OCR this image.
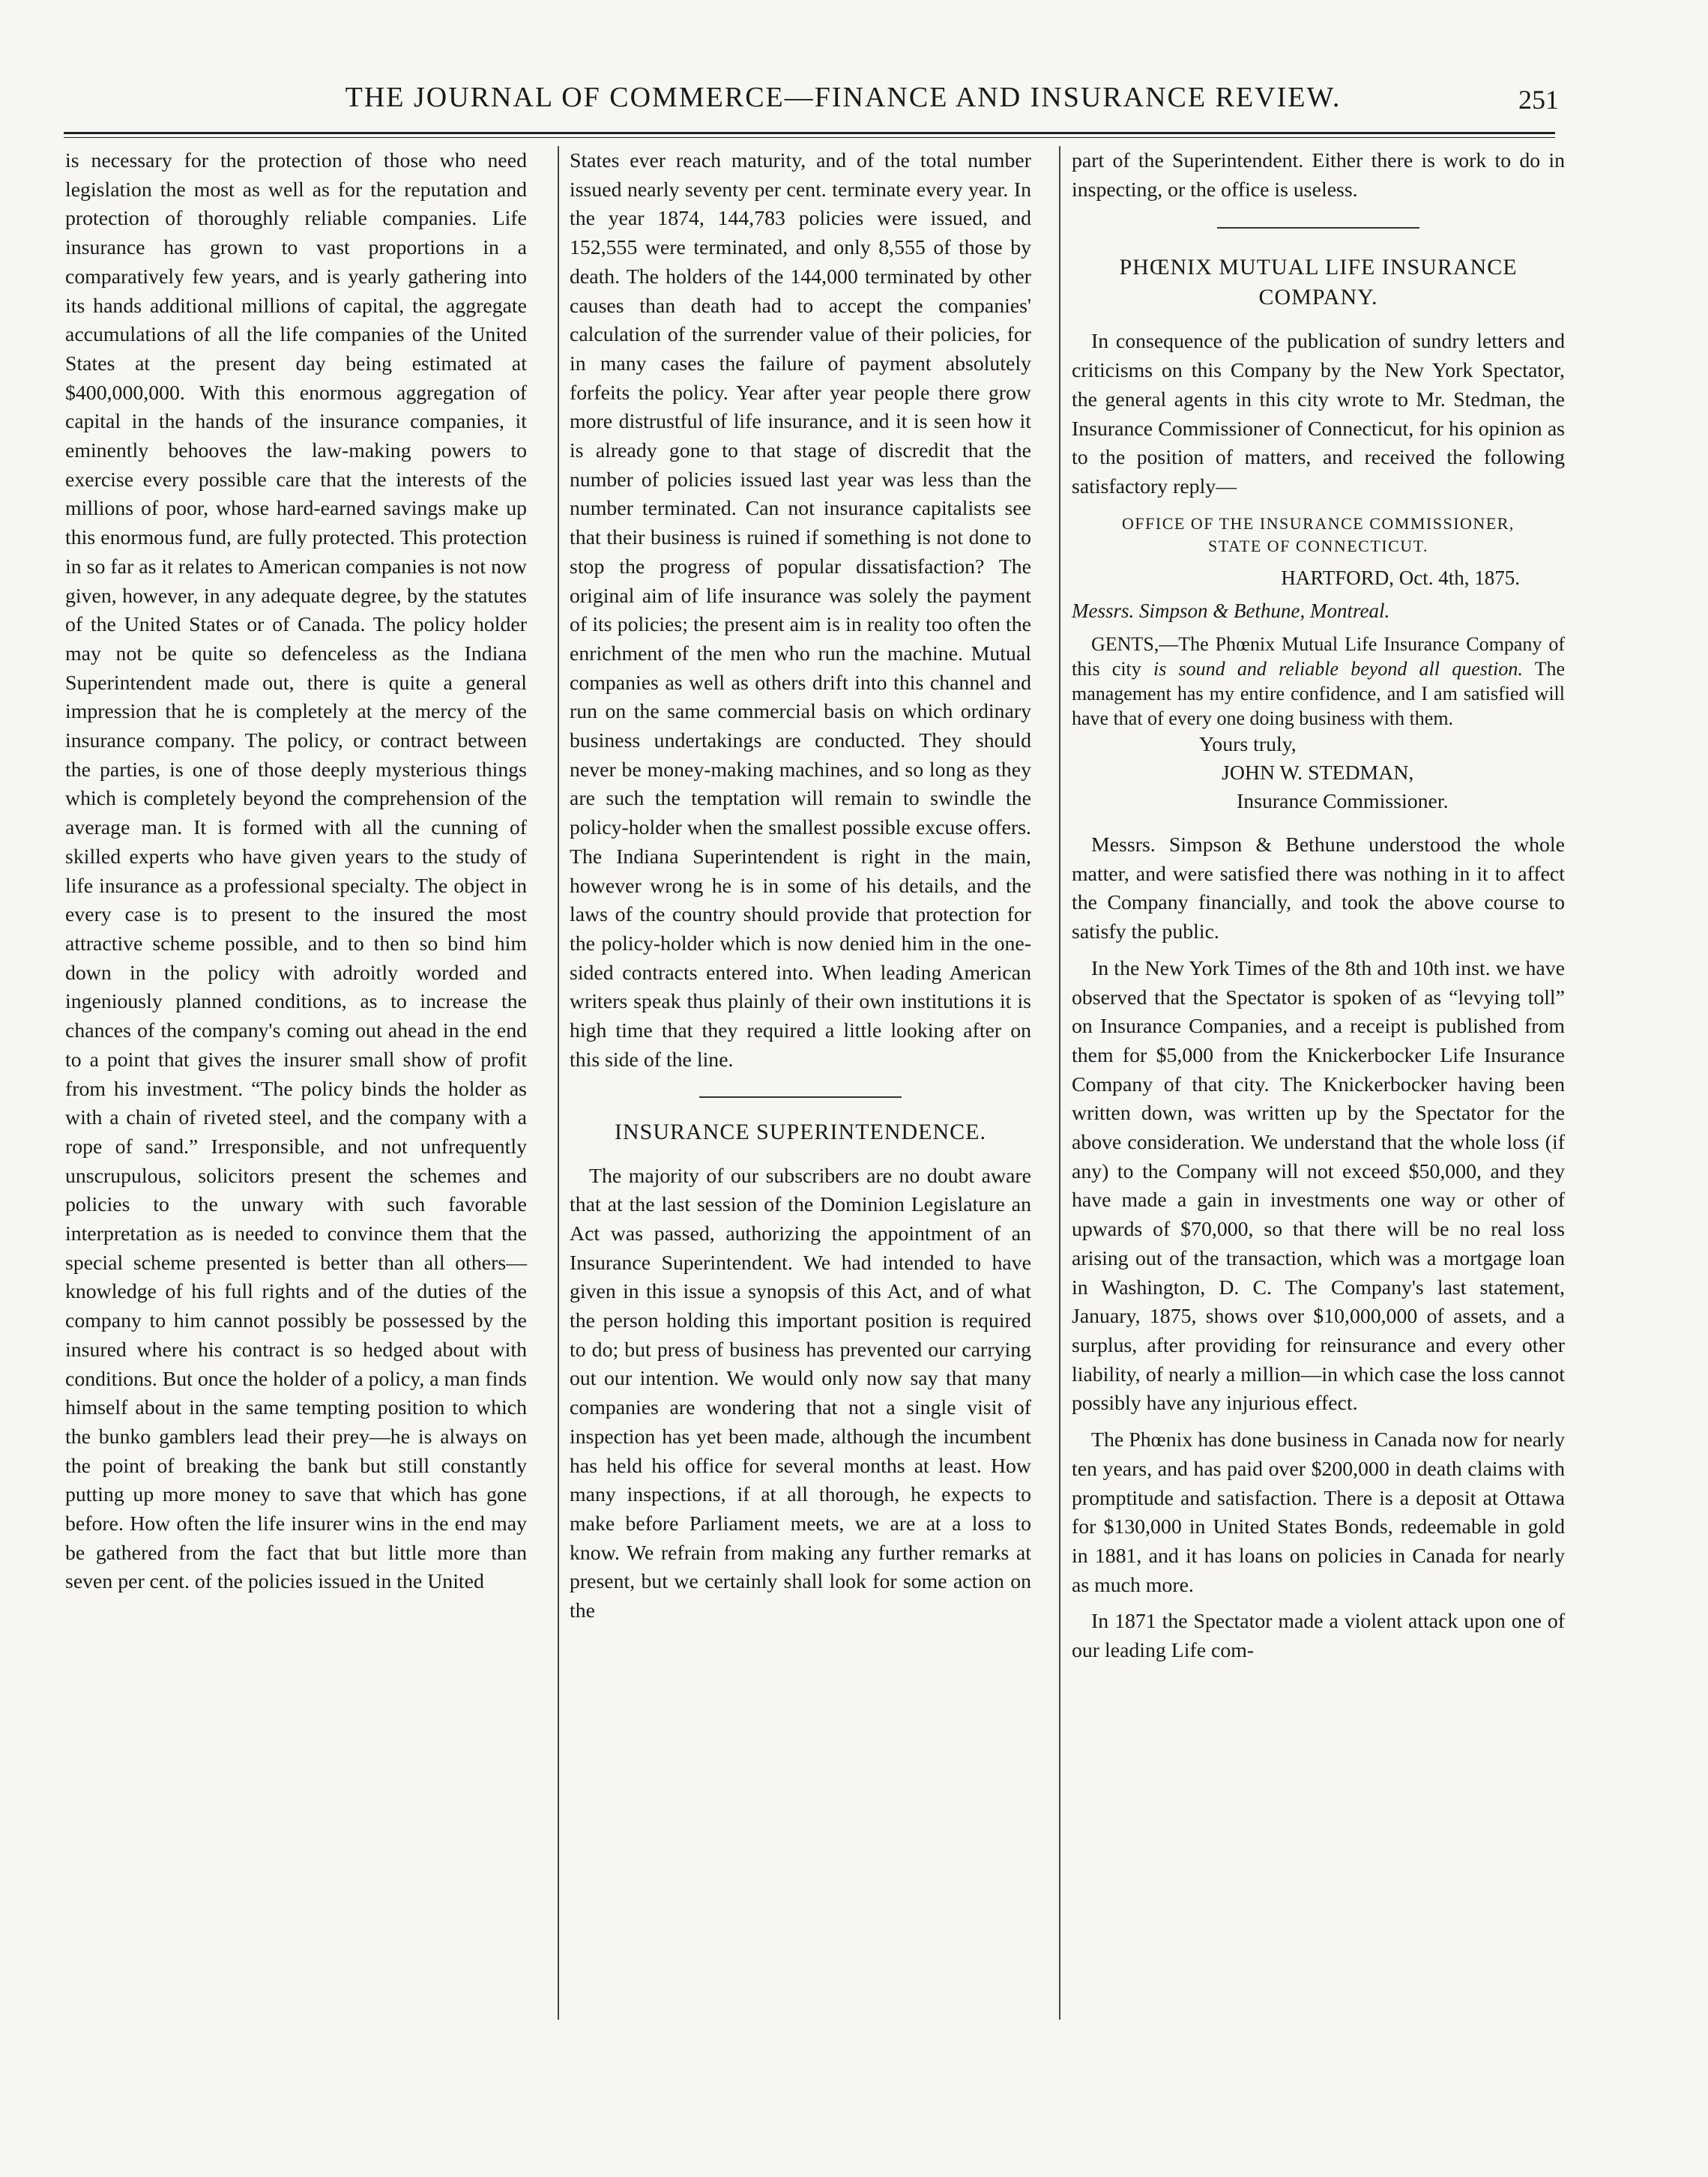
THE JOURNAL OF COMMERCE—FINANCE AND INSURANCE REVIEW.	251

is necessary for the protection of those who need legislation the most as well as for the reputation and protection of thoroughly reliable companies. Life insurance has grown to vast proportions in a comparatively few years, and is yearly gathering into its hands additional millions of capital, the aggregate accumulations of all the life companies of the United States at the present day being estimated at $400,000,000. With this enormous aggregation of capital in the hands of the insurance companies, it eminently behooves the law-making powers to exercise every possible care that the interests of the millions of poor, whose hard-earned savings make up this enormous fund, are fully protected. This protection in so far as it relates to American companies is not now given, however, in any adequate degree, by the statutes of the United States or of Canada. The policy holder may not be quite so defenceless as the Indiana Superintendent made out, there is quite a general impression that he is completely at the mercy of the insurance company. The policy, or contract between the parties, is one of those deeply mysterious things which is completely beyond the comprehension of the average man. It is formed with all the cunning of skilled experts who have given years to the study of life insurance as a professional specialty. The object in every case is to present to the insured the most attractive scheme possible, and to then so bind him down in the policy with adroitly worded and ingeniously planned conditions, as to increase the chances of the company's coming out ahead in the end to a point that gives the insurer small show of profit from his investment. “The policy binds the holder as with a chain of riveted steel, and the company with a rope of sand.” Irresponsible, and not unfrequently unscrupulous, solicitors present the schemes and policies to the unwary with such favorable interpretation as is needed to convince them that the special scheme presented is better than all others—knowledge of his full rights and of the duties of the company to him cannot possibly be possessed by the insured where his contract is so hedged about with conditions. But once the holder of a policy, a man finds himself about in the same tempting position to which the bunko gamblers lead their prey—he is always on the point of breaking the bank but still constantly putting up more money to save that which has gone before. How often the life insurer wins in the end may be gathered from the fact that but little more than seven per cent. of the policies issued in the United

States ever reach maturity, and of the total number issued nearly seventy per cent. terminate every year. In the year 1874, 144,783 policies were issued, and 152,555 were terminated, and only 8,555 of those by death. The holders of the 144,000 terminated by other causes than death had to accept the companies' calculation of the surrender value of their policies, for in many cases the failure of payment absolutely forfeits the policy. Year after year people there grow more distrustful of life insurance, and it is seen how it is already gone to that stage of discredit that the number of policies issued last year was less than the number terminated. Can not insurance capitalists see that their business is ruined if something is not done to stop the progress of popular dissatisfaction? The original aim of life insurance was solely the payment of its policies; the present aim is in reality too often the enrichment of the men who run the machine. Mutual companies as well as others drift into this channel and run on the same commercial basis on which ordinary business undertakings are conducted. They should never be money-making machines, and so long as they are such the temptation will remain to swindle the policy-holder when the smallest possible excuse offers. The Indiana Superintendent is right in the main, however wrong he is in some of his details, and the laws of the country should provide that protection for the policy-holder which is now denied him in the one-sided contracts entered into. When leading American writers speak thus plainly of their own institutions it is high time that they required a little looking after on this side of the line.

INSURANCE SUPERINTENDENCE.

The majority of our subscribers are no doubt aware that at the last session of the Dominion Legislature an Act was passed, authorizing the appointment of an Insurance Superintendent. We had intended to have given in this issue a synopsis of this Act, and of what the person holding this important position is required to do; but press of business has prevented our carrying out our intention. We would only now say that many companies are wondering that not a single visit of inspection has yet been made, although the incumbent has held his office for several months at least. How many inspections, if at all thorough, he expects to make before Parliament meets, we are at a loss to know. We refrain from making any further remarks at present, but we certainly shall look for some action on the

part of the Superintendent. Either there is work to do in inspecting, or the office is useless.

PHŒNIX MUTUAL LIFE INSURANCE COMPANY.

In consequence of the publication of sundry letters and criticisms on this Company by the New York Spectator, the general agents in this city wrote to Mr. Stedman, the Insurance Commissioner of Connecticut, for his opinion as to the position of matters, and received the following satisfactory reply—

OFFICE OF THE INSURANCE COMMISSIONER,
STATE OF CONNECTICUT.
HARTFORD, Oct. 4th, 1875.
Messrs. Simpson & Bethune, Montreal.

GENTS,—The Phœnix Mutual Life Insurance Company of this city is sound and reliable beyond all question. The management has my entire confidence, and I am satisfied will have that of every one doing business with them.

Yours truly,
JOHN W. STEDMAN,
Insurance Commissioner.

Messrs. Simpson & Bethune understood the whole matter, and were satisfied there was nothing in it to affect the Company financially, and took the above course to satisfy the public.

In the New York Times of the 8th and 10th inst. we have observed that the Spectator is spoken of as “levying toll” on Insurance Companies, and a receipt is published from them for $5,000 from the Knickerbocker Life Insurance Company of that city. The Knickerbocker having been written down, was written up by the Spectator for the above consideration. We understand that the whole loss (if any) to the Company will not exceed $50,000, and they have made a gain in investments one way or other of upwards of $70,000, so that there will be no real loss arising out of the transaction, which was a mortgage loan in Washington, D. C. The Company's last statement, January, 1875, shows over $10,000,000 of assets, and a surplus, after providing for reinsurance and every other liability, of nearly a million—in which case the loss cannot possibly have any injurious effect.

The Phœnix has done business in Canada now for nearly ten years, and has paid over $200,000 in death claims with promptitude and satisfaction. There is a deposit at Ottawa for $130,000 in United States Bonds, redeemable in gold in 1881, and it has loans on policies in Canada for nearly as much more.

In 1871 the Spectator made a violent attack upon one of our leading Life com-
